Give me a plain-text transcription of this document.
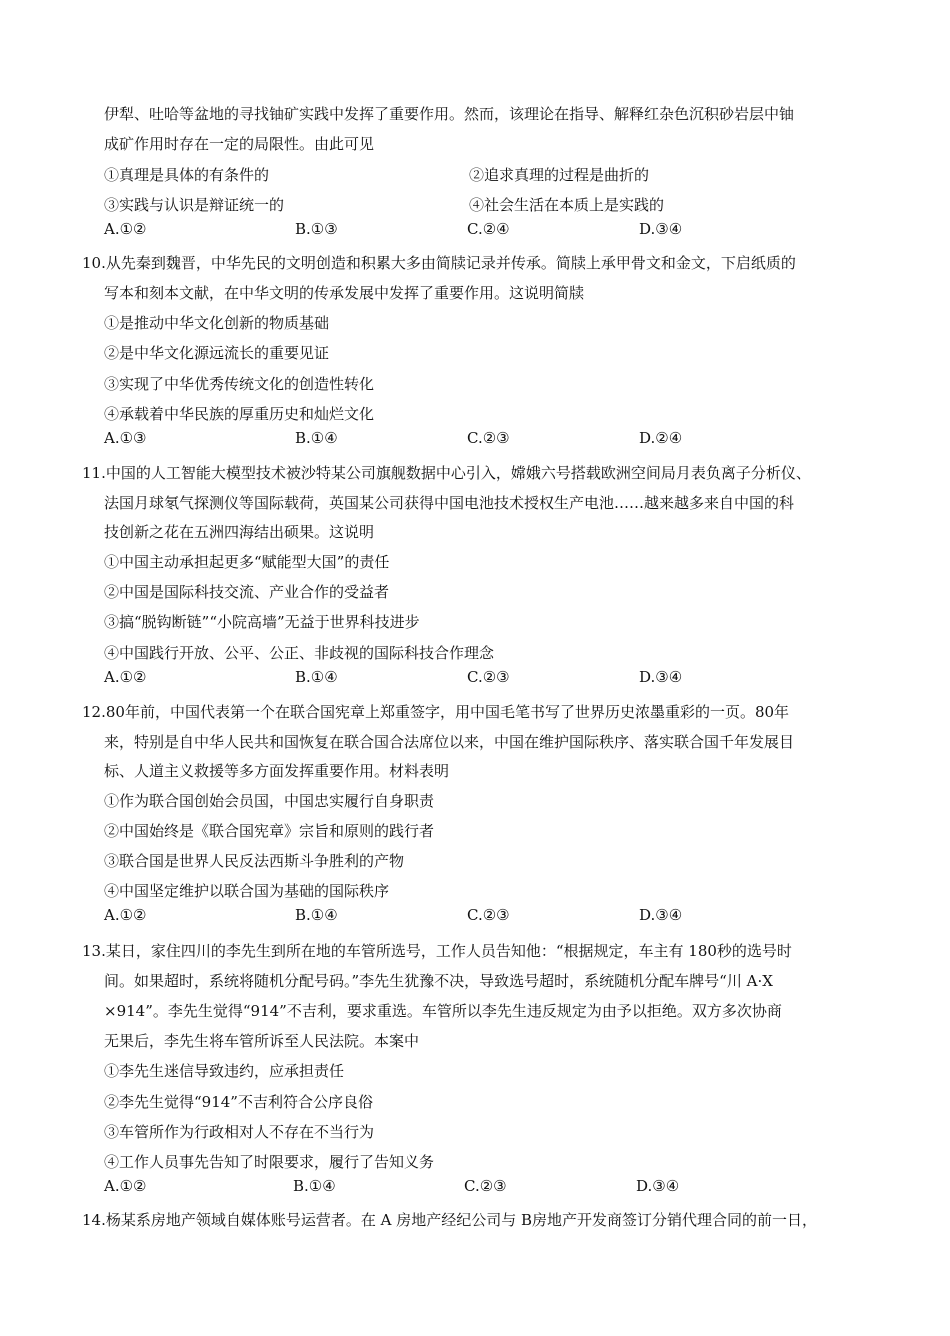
伊犁、吐哈等盆地的寻找铀矿实践中发挥了重要作用。然而，该理论在指导、解释红杂色沉积砂岩层中铀
成矿作用时存在一定的局限性。由此可见
①真理是具体的有条件的	②追求真理的过程是曲折的
③实践与认识是辩证统一的	④社会生活在本质上是实践的
A.①②	B.①③	C.②④	D.③④
10.从先秦到魏晋，中华先民的文明创造和积累大多由简牍记录并传承。简牍上承甲骨文和金文，下启纸质的
写本和刻本文献，在中华文明的传承发展中发挥了重要作用。这说明简牍
①是推动中华文化创新的物质基础
②是中华文化源远流长的重要见证
③实现了中华优秀传统文化的创造性转化
④承载着中华民族的厚重历史和灿烂文化
A.①③	B.①④	C.②③	D.②④
11.中国的人工智能大模型技术被沙特某公司旗舰数据中心引入，嫦娥六号搭载欧洲空间局月表负离子分析仪、
法国月球氡气探测仪等国际载荷，英国某公司获得中国电池技术授权生产电池……越来越多来自中国的科
技创新之花在五洲四海结出硕果。这说明
①中国主动承担起更多“赋能型大国”的责任
②中国是国际科技交流、产业合作的受益者
③搞“脱钩断链”“小院高墙”无益于世界科技进步
④中国践行开放、公平、公正、非歧视的国际科技合作理念
A.①②	B.①④	C.②③	D.③④
12.80年前，中国代表第一个在联合国宪章上郑重签字，用中国毛笔书写了世界历史浓墨重彩的一页。80年
来，特别是自中华人民共和国恢复在联合国合法席位以来，中国在维护国际秩序、落实联合国千年发展目
标、人道主义救援等多方面发挥重要作用。材料表明
①作为联合国创始会员国，中国忠实履行自身职责
②中国始终是《联合国宪章》宗旨和原则的践行者
③联合国是世界人民反法西斯斗争胜利的产物
④中国坚定维护以联合国为基础的国际秩序
A.①②	B.①④	C.②③	D.③④
13.某日，家住四川的李先生到所在地的车管所选号，工作人员告知他：“根据规定，车主有 180秒的选号时
间。如果超时，系统将随机分配号码。”李先生犹豫不决，导致选号超时，系统随机分配车牌号“川 A·X
×914”。李先生觉得“914”不吉利，要求重选。车管所以李先生违反规定为由予以拒绝。双方多次协商
无果后，李先生将车管所诉至人民法院。本案中
①李先生迷信导致违约，应承担责任
②李先生觉得“914”不吉利符合公序良俗
③车管所作为行政相对人不存在不当行为
④工作人员事先告知了时限要求，履行了告知义务
A.①②	B.①④	C.②③	D.③④
14.杨某系房地产领域自媒体账号运营者。在 A 房地产经纪公司与 B房地产开发商签订分销代理合同的前一日，
